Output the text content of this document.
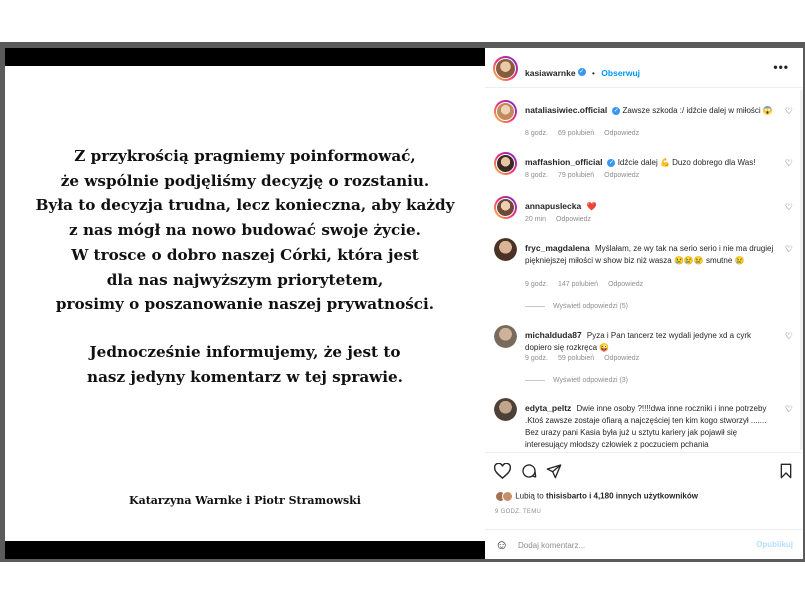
Z przykrością pragniemy poinformować,

że wspólnie podjęliśmy decyzję o rozstaniu.

Była to decyzja trudna, lecz konieczna, aby każdy

z nas mógł na nowo budować swoje życie.

W trosce o dobro naszej Córki, która jest

dla nas najwyższym priorytetem,

prosimy o poszanowanie naszej prywatności.

Jednocześnie informujemy, że jest to

nasz jedyny komentarz w tej sprawie.

Katarzyna Warnke i Piotr Stramowski
kasiawarnke ✓ • Obserwuj	•••
nataliasiwiec.official ✓ Zawsze szkoda :/ idźcie dalej w miłości 😱
8 godz. 69 polubień Odpowiedz
♡
maffashion_official ✓ Idźcie dalej 💪 Duzo dobrego dla Was!
8 godz. 79 polubień Odpowiedz
♡
annapuslecka ❤️
20 min Odpowiedz
♡
fryc_magdalena Myślałam, ze wy tak na serio serio i nie ma drugiej piękniejszej miłości w show biz niż wasza 😢😢😢 smutne 😢
9 godz. 147 polubień Odpowiedz
Wyświetl odpowiedzi (5)
♡
michalduda87 Pyza i Pan tancerz tez wydali jedyne xd a cyrk dopiero się rozkręca 😜
9 godz. 59 polubień Odpowiedz
Wyświetl odpowiedzi (3)
♡
edyta_peltz Dwie inne osoby ?!!!!dwa inne roczniki i inne potrzeby .Ktoś zawsze zostaje ofiarą a najczęściej ten kim kogo stworzył ....... Bez urazy pani Kasia była już u sztytu kariery jak pojawił się interesujący młodszy człowiek z poczuciem pchania
♡
Lubią to thisisbarto i 4,180 innych użytkowników
9 GODZ. TEMU
☺
Dodaj komentarz...	Opublikuj
